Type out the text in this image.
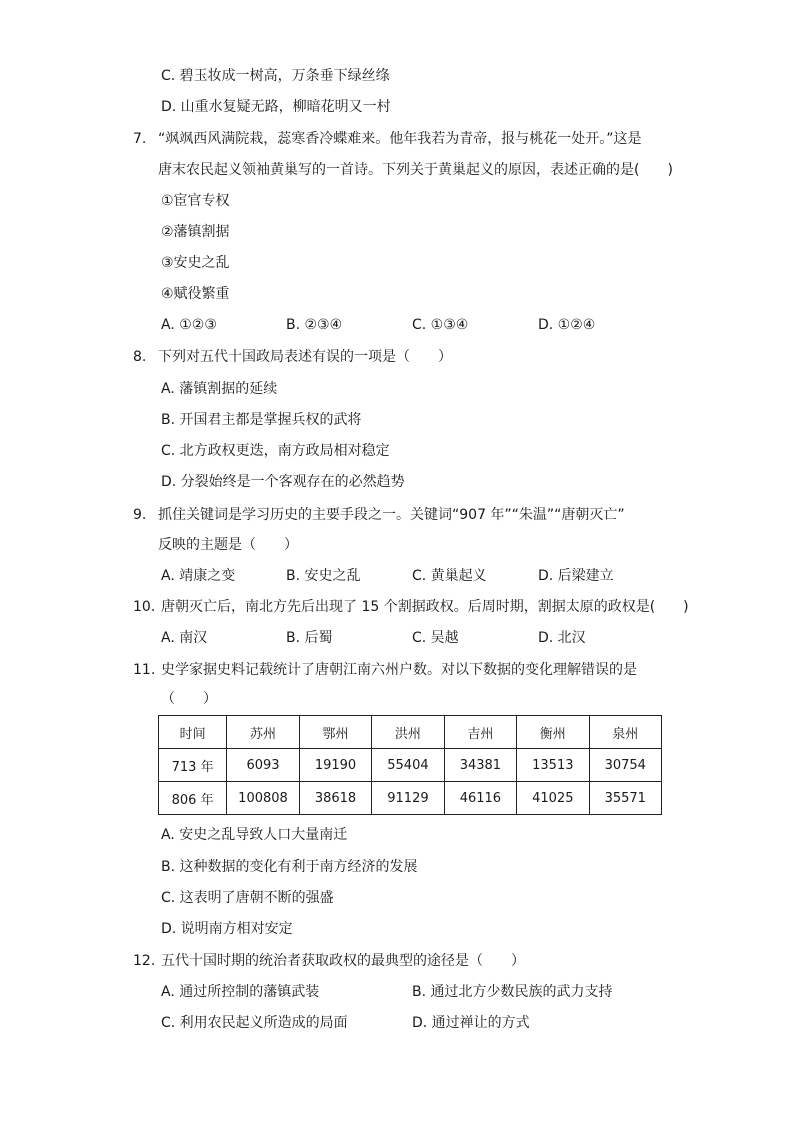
C. 碧玉妆成一树高，万条垂下绿丝绦
D. 山重水复疑无路，柳暗花明又一村
7. “飒飒西风满院栽，蕊寒香冷蝶难来。他年我若为青帝，报与桃花一处开。”这是
唐末农民起义领袖黄巢写的一首诗。下列关于黄巢起义的原因，表述正确的是(　　)
①宦官专权
②藩镇割据
③安史之乱
④赋役繁重
A. ①②③	B. ②③④	C. ①③④	D. ①②④
8. 下列对五代十国政局表述有误的一项是（　　）
A. 藩镇割据的延续
B. 开国君主都是掌握兵权的武将
C. 北方政权更迭，南方政局相对稳定
D. 分裂始终是一个客观存在的必然趋势
9. 抓住关键词是学习历史的主要手段之一。关键词“907 年”“朱温”“唐朝灭亡”
反映的主题是（　　）
A. 靖康之变	B. 安史之乱	C. 黄巢起义	D. 后梁建立
10. 唐朝灭亡后，南北方先后出现了 15 个割据政权。后周时期，割据太原的政权是(　　)
A. 南汉	B. 后蜀	C. 吴越	D. 北汉
11. 史学家据史料记载统计了唐朝江南六州户数。对以下数据的变化理解错误的是
（　　）
时间	苏州	鄂州	洪州	吉州	衡州	泉州
713 年	6093	19190	55404	34381	13513	30754
806 年	100808	38618	91129	46116	41025	35571
A. 安史之乱导致人口大量南迁
B. 这种数据的变化有利于南方经济的发展
C. 这表明了唐朝不断的强盛
D. 说明南方相对安定
12. 五代十国时期的统治者获取政权的最典型的途径是（　　）
A. 通过所控制的藩镇武装	B. 通过北方少数民族的武力支持
C. 利用农民起义所造成的局面	D. 通过禅让的方式
